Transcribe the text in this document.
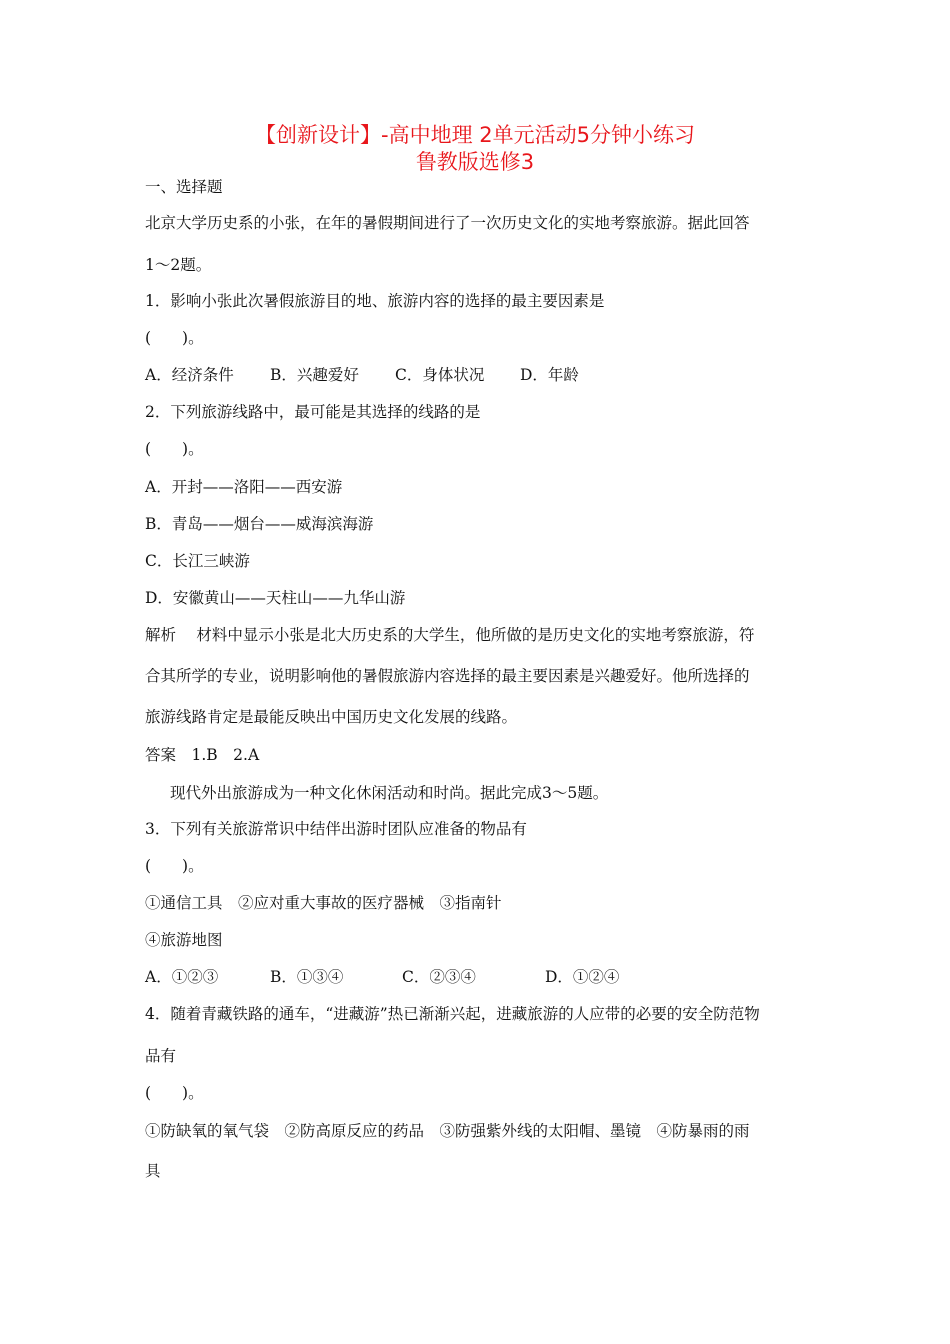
【创新设计】-高中地理 2单元活动5分钟小练习
鲁教版选修3
一、选择题
北京大学历史系的小张，在年的暑假期间进行了一次历史文化的实地考察旅游。据此回答
1～2题。
1．影响小张此次暑假旅游目的地、旅游内容的选择的最主要因素是
(　　)。
A．经济条件 B．兴趣爱好 C．身体状况 D．年龄
2．下列旅游线路中，最可能是其选择的线路的是
(　　)。
A．开封——洛阳——西安游
B．青岛——烟台——威海滨海游
C．长江三峡游
D．安徽黄山——天柱山——九华山游
解析　 材料中显示小张是北大历史系的大学生，他所做的是历史文化的实地考察旅游，符
合其所学的专业，说明影响他的暑假旅游内容选择的最主要因素是兴趣爱好。他所选择的
旅游线路肯定是最能反映出中国历史文化发展的线路。
答案　1.B　2.A
现代外出旅游成为一种文化休闲活动和时尚。据此完成3～5题。
3．下列有关旅游常识中结伴出游时团队应准备的物品有
(　　)。
①通信工具　②应对重大事故的医疗器械　③指南针
④旅游地图
A．①②③	B．①③④	C．②③④	D．①②④
4．随着青藏铁路的通车，“进藏游”热已渐渐兴起，进藏旅游的人应带的必要的安全防范物
品有
(　　)。
①防缺氧的氧气袋　②防高原反应的药品　③防强紫外线的太阳帽、墨镜　④防暴雨的雨
具
